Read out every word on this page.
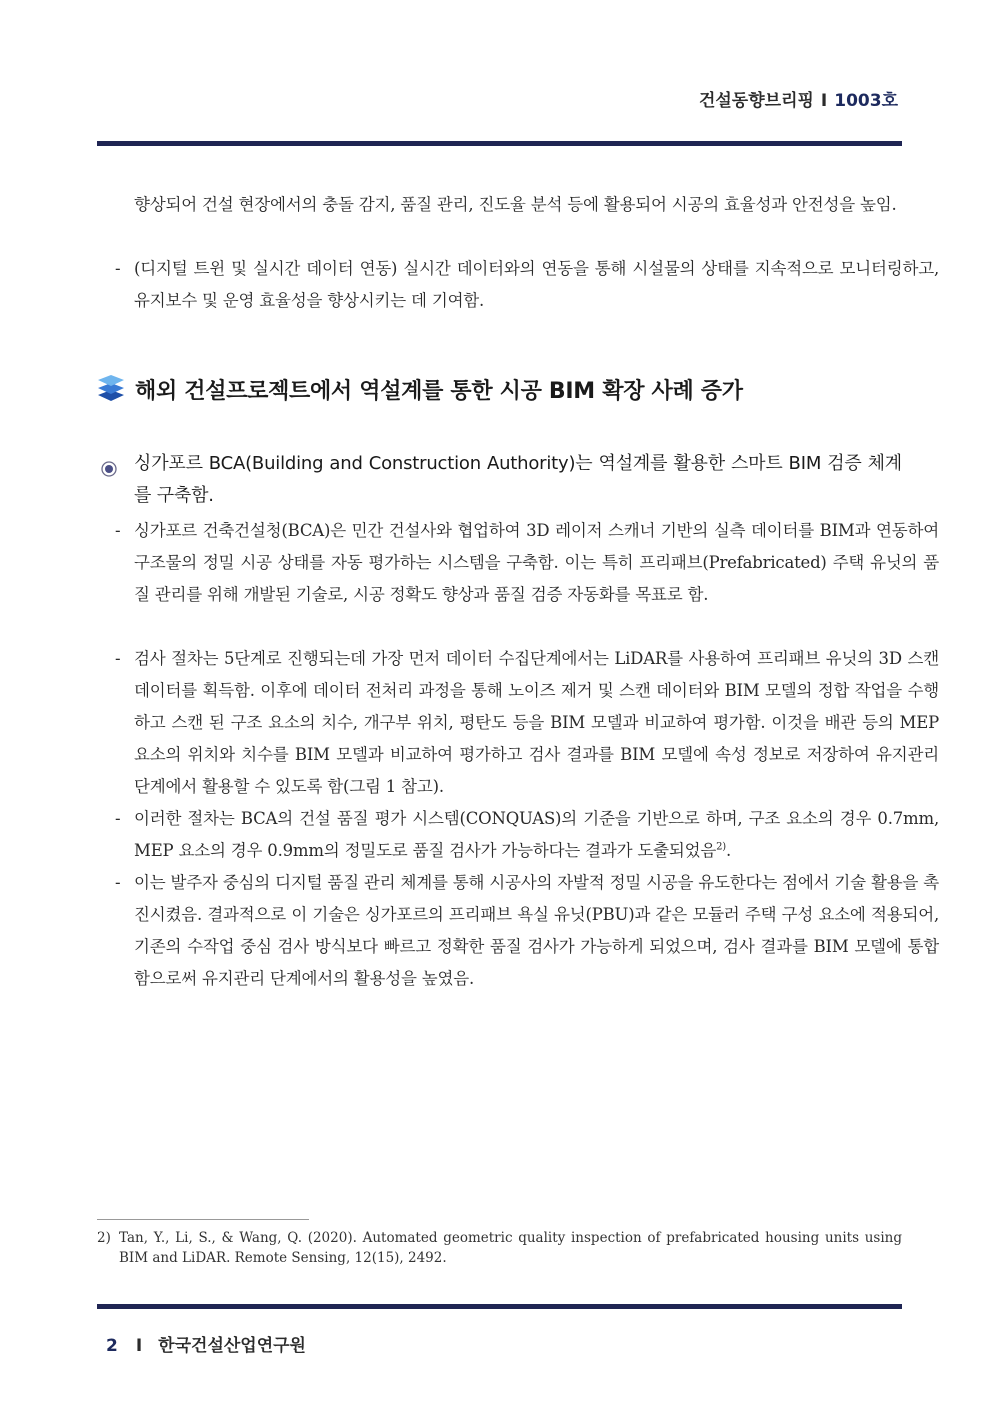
건설동향브리핑 I 1003호
향상되어 건설 현장에서의 충돌 감지, 품질 관리, 진도율 분석 등에 활용되어 시공의 효율성과 안전성을 높임.
- (디지털 트윈 및 실시간 데이터 연동) 실시간 데이터와의 연동을 통해 시설물의 상태를 지속적으로 모니터링하고, 유지보수 및 운영 효율성을 향상시키는 데 기여함.
해외 건설프로젝트에서 역설계를 통한 시공 BIM 확장 사례 증가
싱가포르 BCA(Building and Construction Authority)는 역설계를 활용한 스마트 BIM 검증 체계를 구축함.
- 싱가포르 건축건설청(BCA)은 민간 건설사와 협업하여 3D 레이저 스캐너 기반의 실측 데이터를 BIM과 연동하여 구조물의 정밀 시공 상태를 자동 평가하는 시스템을 구축함. 이는 특히 프리패브(Prefabricated) 주택 유닛의 품질 관리를 위해 개발된 기술로, 시공 정확도 향상과 품질 검증 자동화를 목표로 함.
- 검사 절차는 5단계로 진행되는데 가장 먼저 데이터 수집단계에서는 LiDAR를 사용하여 프리패브 유닛의 3D 스캔 데이터를 획득함. 이후에 데이터 전처리 과정을 통해 노이즈 제거 및 스캔 데이터와 BIM 모델의 정합 작업을 수행하고 스캔 된 구조 요소의 치수, 개구부 위치, 평탄도 등을 BIM 모델과 비교하여 평가함. 이것을 배관 등의 MEP 요소의 위치와 치수를 BIM 모델과 비교하여 평가하고 검사 결과를 BIM 모델에 속성 정보로 저장하여 유지관리 단계에서 활용할 수 있도록 함(그림 1 참고).
- 이러한 절차는 BCA의 건설 품질 평가 시스템(CONQUAS)의 기준을 기반으로 하며, 구조 요소의 경우 0.7mm, MEP 요소의 경우 0.9mm의 정밀도로 품질 검사가 가능하다는 결과가 도출되었음$^{2)}$.
- 이는 발주자 중심의 디지털 품질 관리 체계를 통해 시공사의 자발적 정밀 시공을 유도한다는 점에서 기술 활용을 촉진시켰음. 결과적으로 이 기술은 싱가포르의 프리패브 욕실 유닛(PBU)과 같은 모듈러 주택 구성 요소에 적용되어, 기존의 수작업 중심 검사 방식보다 빠르고 정확한 품질 검사가 가능하게 되었으며, 검사 결과를 BIM 모델에 통합함으로써 유지관리 단계에서의 활용성을 높였음.
2) Tan, Y., Li, S., & Wang, Q. (2020). Automated geometric quality inspection of prefabricated housing units using BIM and LiDAR. Remote Sensing, 12(15), 2492.
2 I 한국건설산업연구원
